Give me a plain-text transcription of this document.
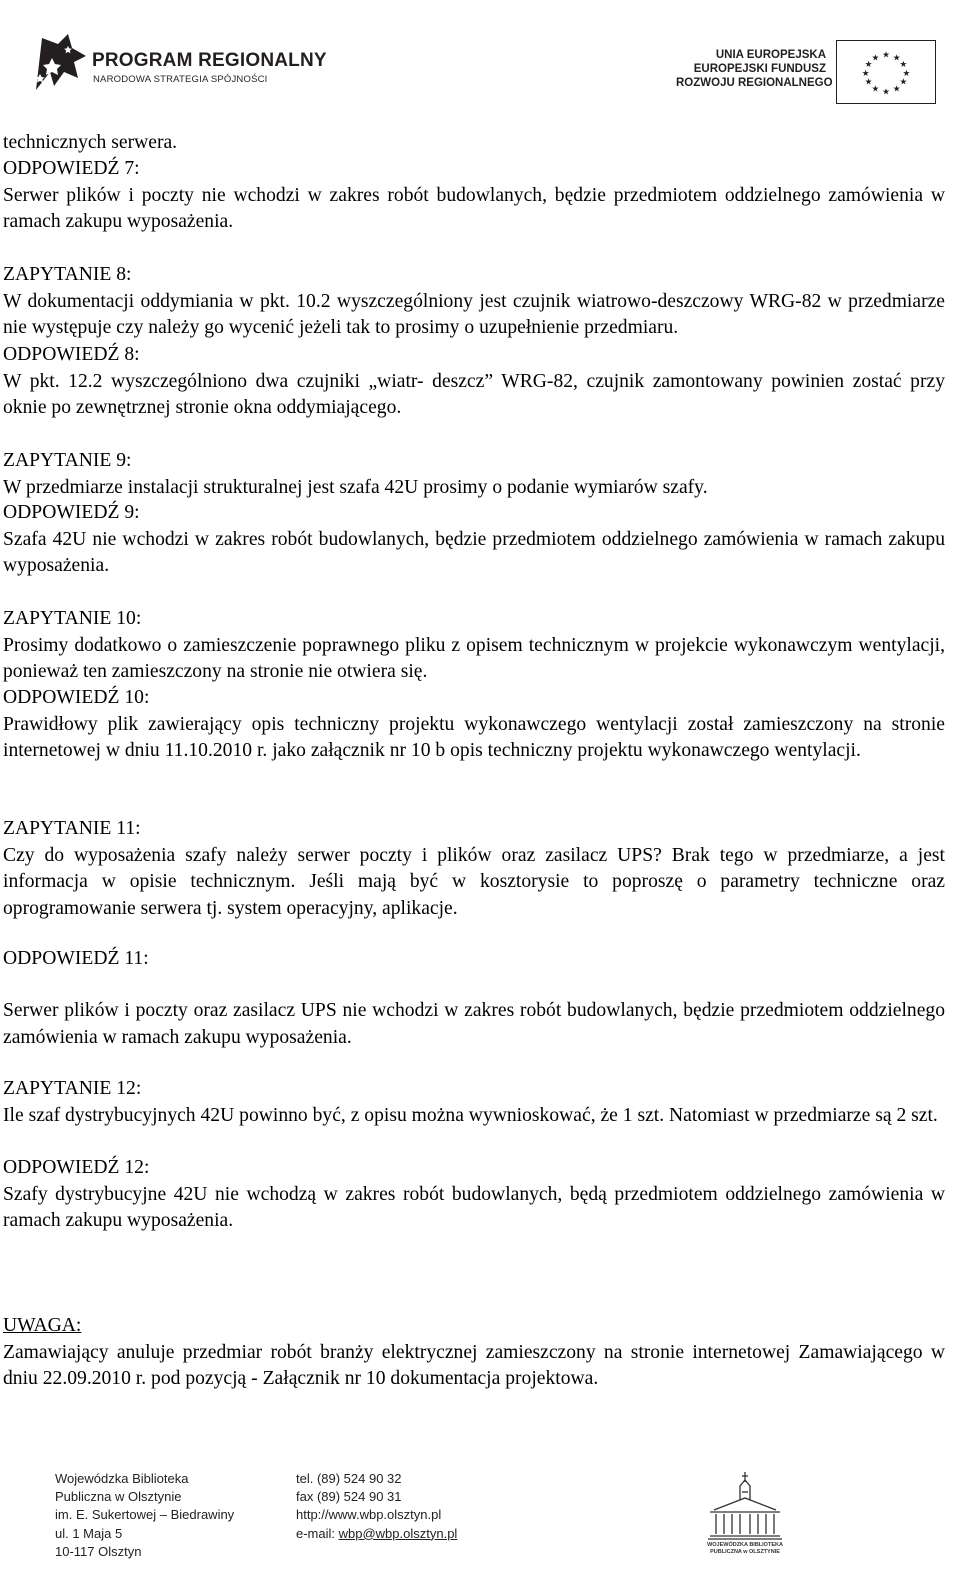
PROGRAM REGIONALNY
NARODOWA STRATEGIA SPÓJNOŚCI
UNIA EUROPEJSKA
EUROPEJSKI FUNDUSZ
ROZWOJU REGIONALNEGO
★ ★
★
★
★
★
★
★
★
★
★
★

technicznych serwera.

ODPOWIEDŹ 7:

Serwer plików i poczty nie wchodzi w zakres robót budowlanych, będzie przedmiotem oddzielnego zamówienia w ramach zakupu wyposażenia.

ZAPYTANIE 8:

W dokumentacji oddymiania w pkt. 10.2 wyszczególniony jest czujnik wiatrowo-deszczowy WRG-82 w przedmiarze nie występuje czy należy go wycenić jeżeli tak to prosimy o uzupełnienie przedmiaru.

ODPOWIEDŹ 8:

W pkt. 12.2 wyszczególniono dwa czujniki „wiatr- deszcz” WRG-82, czujnik zamontowany powinien zostać przy oknie po zewnętrznej stronie okna oddymiającego.

ZAPYTANIE 9:

W przedmiarze instalacji strukturalnej jest szafa 42U prosimy o podanie wymiarów szafy.

ODPOWIEDŹ 9:

Szafa 42U nie wchodzi w zakres robót budowlanych, będzie przedmiotem oddzielnego zamówienia w ramach zakupu wyposażenia.

ZAPYTANIE 10:

Prosimy dodatkowo o zamieszczenie poprawnego pliku z opisem technicznym w projekcie wykonawczym wentylacji, ponieważ ten zamieszczony na stronie nie otwiera się.

ODPOWIEDŹ 10:

Prawidłowy plik zawierający opis techniczny projektu wykonawczego wentylacji został zamieszczony na stronie internetowej w dniu 11.10.2010 r. jako załącznik nr 10 b opis techniczny projektu wykonawczego wentylacji.

ZAPYTANIE 11:

Czy do wyposażenia szafy należy serwer poczty i plików oraz zasilacz UPS? Brak tego w przedmiarze, a jest informacja w opisie technicznym. Jeśli mają być w kosztorysie to poproszę o parametry techniczne oraz oprogramowanie serwera tj. system operacyjny, aplikacje.

ODPOWIEDŹ 11:

Serwer plików i poczty oraz zasilacz UPS nie wchodzi w zakres robót budowlanych, będzie przedmiotem oddzielnego zamówienia w ramach zakupu wyposażenia.

ZAPYTANIE 12:

Ile szaf dystrybucyjnych 42U powinno być, z opisu można wywnioskować, że 1 szt. Natomiast w przedmiarze są 2 szt.

ODPOWIEDŹ 12:

Szafy dystrybucyjne 42U nie wchodzą w zakres robót budowlanych, będą przedmiotem oddzielnego zamówienia w ramach zakupu wyposażenia.

UWAGA:

Zamawiający anuluje przedmiar robót branży elektrycznej zamieszczony na stronie internetowej Zamawiającego w dniu 22.09.2010 r. pod pozycją - Załącznik nr 10 dokumentacja projektowa.

Wojewódzka Biblioteka
Publiczna w Olsztynie
im. E. Sukertowej – Biedrawiny
ul. 1 Maja 5
10-117 Olsztyn
tel. (89) 524 90 32
fax (89) 524 90 31
http://www.wbp.olsztyn.pl
e-mail: wbp@wbp.olsztyn.pl
WOJEWÓDZKA BIBLIOTEKA
PUBLICZNA w OLSZTYNIE
